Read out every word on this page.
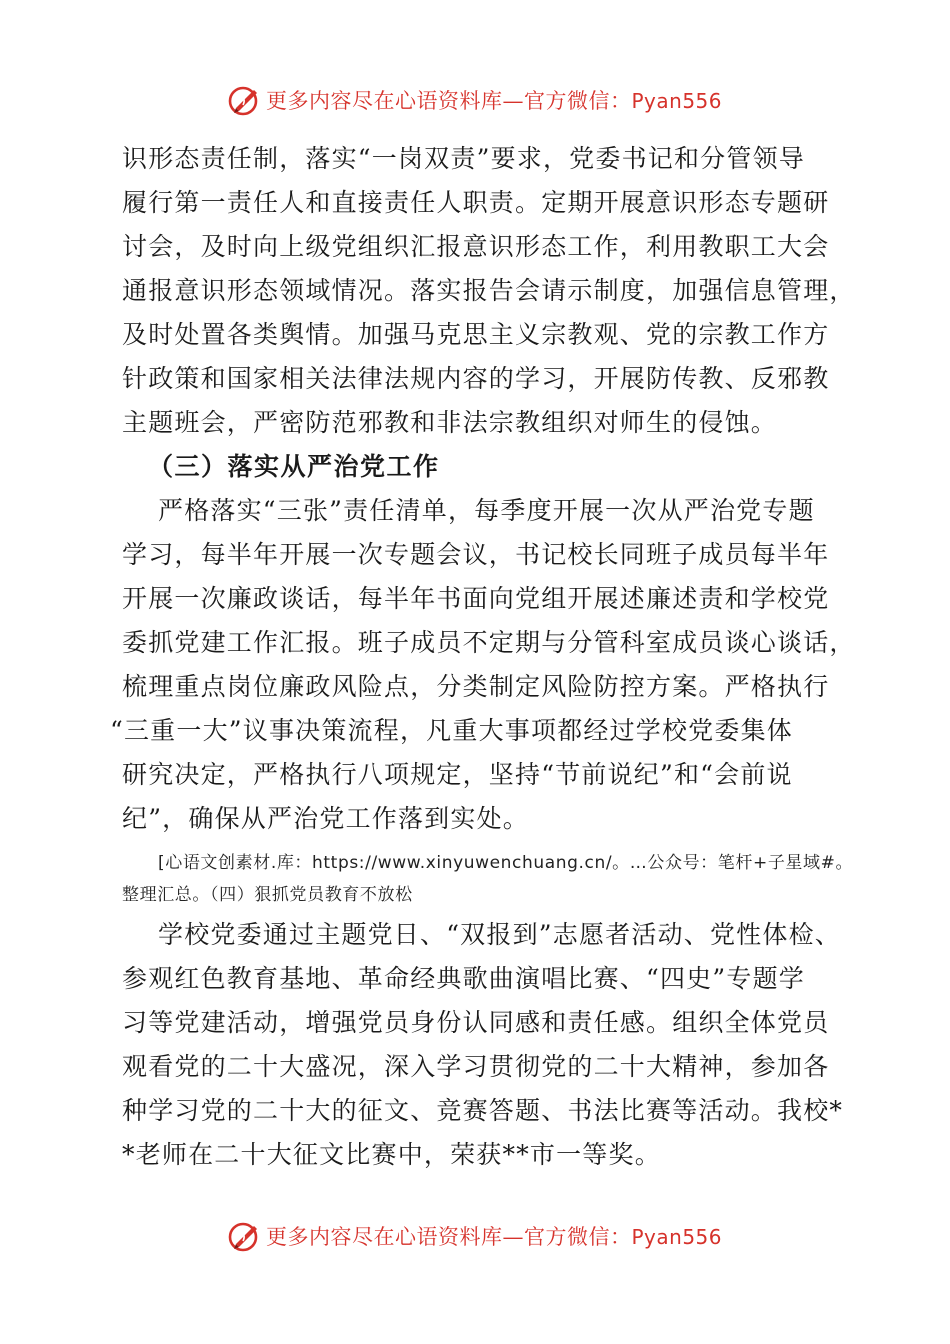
更多内容尽在心语资料库—官方微信：Pyan556
识形态责任制，落实“一岗双责”要求，党委书记和分管领导
履行第一责任人和直接责任人职责。定期开展意识形态专题研
讨会，及时向上级党组织汇报意识形态工作，利用教职工大会
通报意识形态领域情况。落实报告会请示制度，加强信息管理，
及时处置各类舆情。加强马克思主义宗教观、党的宗教工作方
针政策和国家相关法律法规内容的学习，开展防传教、反邪教
主题班会，严密防范邪教和非法宗教组织对师生的侵蚀。
（三）落实从严治党工作
严格落实“三张”责任清单，每季度开展一次从严治党专题
学习，每半年开展一次专题会议，书记校长同班子成员每半年
开展一次廉政谈话，每半年书面向党组开展述廉述责和学校党
委抓党建工作汇报。班子成员不定期与分管科室成员谈心谈话，
梳理重点岗位廉政风险点，分类制定风险防控方案。严格执行
“三重一大”议事决策流程，凡重大事项都经过学校党委集体
研究决定，严格执行八项规定，坚持“节前说纪”和“会前说
纪”，确保从严治党工作落到实处。
[心语文创素材.库：https://www.xinyuwenchuang.cn/。…公众号：笔杆+子星域#。
整理汇总。（四）狠抓党员教育不放松
学校党委通过主题党日、“双报到”志愿者活动、党性体检、
参观红色教育基地、革命经典歌曲演唱比赛、“四史”专题学
习等党建活动，增强党员身份认同感和责任感。组织全体党员
观看党的二十大盛况，深入学习贯彻党的二十大精神，参加各
种学习党的二十大的征文、竞赛答题、书法比赛等活动。我校*
*老师在二十大征文比赛中，荣获**市一等奖。
更多内容尽在心语资料库—官方微信：Pyan556
